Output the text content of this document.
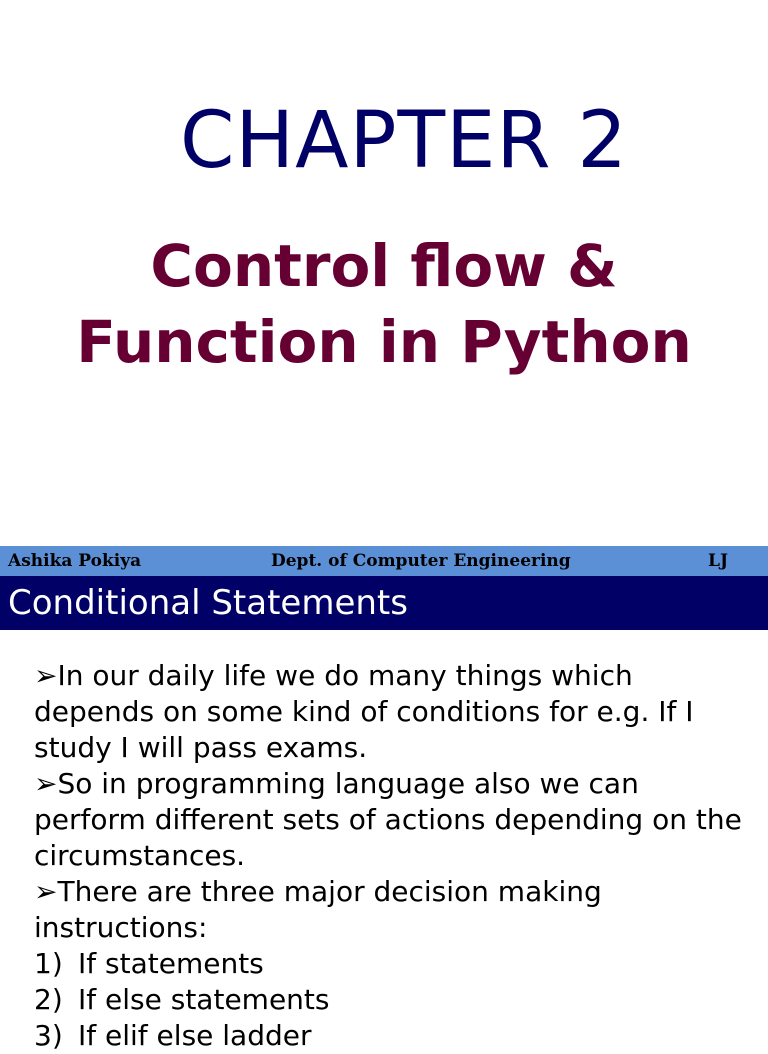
CHAPTER 2
Control flow &
Function in Python
Ashika Pokiya	Dept. of Computer Engineering	LJ
Conditional Statements

➢In our daily life we do many things which depends on some kind of conditions for e.g. If I study I will pass exams.

➢So in programming language also we can perform different sets of actions depending on the circumstances.

➢There are three major decision making instructions:

1) If statements
2) If else statements
3) If elif else ladder
